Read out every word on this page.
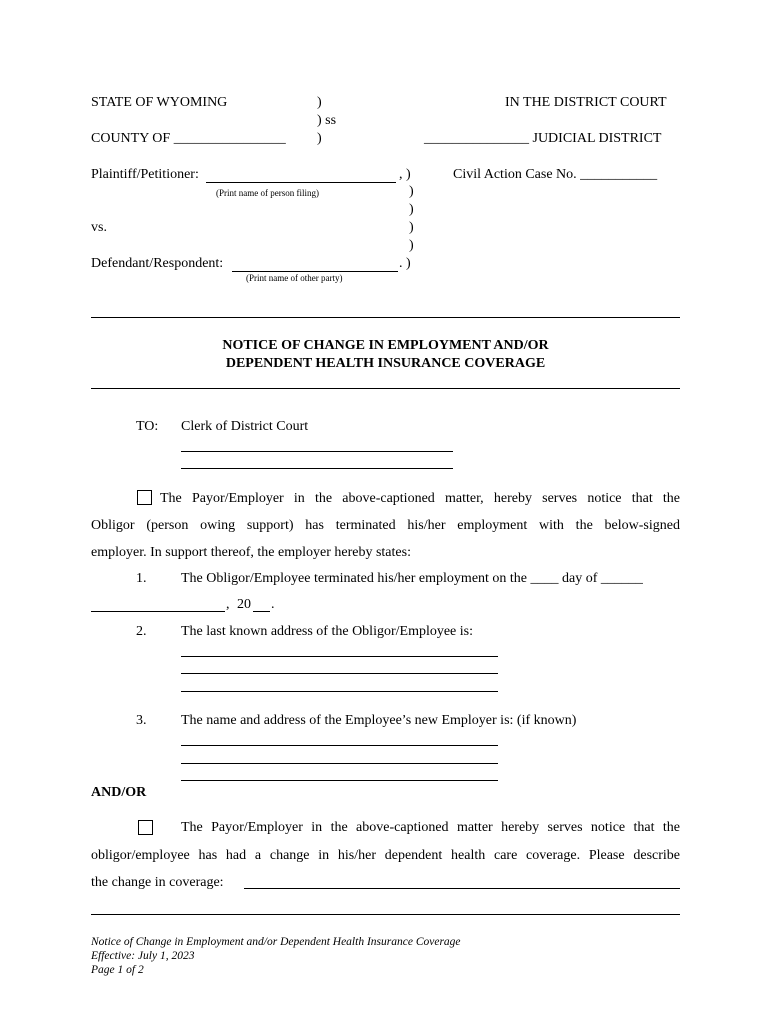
STATE OF WYOMING	)
) ss
)
COUNTY OF ________________
IN THE DISTRICT COURT
_______________ JUDICIAL DISTRICT
Plaintiff/Petitioner:	, )
(Print name of person filing)
Civil Action Case No. ___________
)
)
vs.	)
)
Defendant/Respondent:	. )
(Print name of other party)
NOTICE OF CHANGE IN EMPLOYMENT AND/OR
DEPENDENT HEALTH INSURANCE COVERAGE
TO: Clerk of District Court
The Payor/Employer in the above-captioned matter, hereby serves notice that the
Obligor (person owing support) has terminated his/her employment with the below-signed
employer. In support thereof, the employer hereby states:
1. The Obligor/Employee terminated his/her employment on the ____ day of ______
, 20 .
2. The last known address of the Obligor/Employee is:
3. The name and address of the Employee’s new Employer is: (if known)
AND/OR
The Payor/Employer in the above-captioned matter hereby serves notice that the
obligor/employee has had a change in his/her dependent health care coverage. Please describe
the change in coverage:
Notice of Change in Employment and/or Dependent Health Insurance Coverage
Effective: July 1, 2023
Page 1 of 2
